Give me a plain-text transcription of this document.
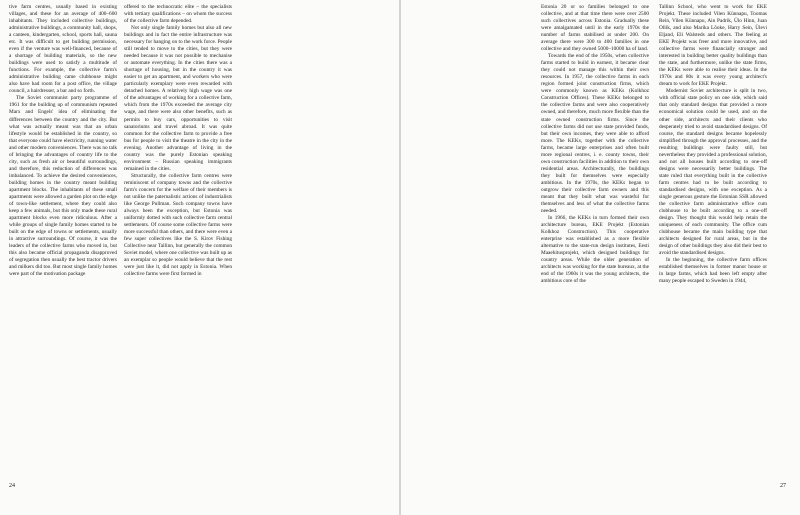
tive farm centres, usually based in existing villages, and these for an average of 400–600 inhabitants. They included collective buildings, administrative buildings, a community hall, shops, a canteen, kindergarten, school, sports hall, sauna etc. It was difficult to get building permission, even if the venture was well-financed, because of a shortage of building materials, so the new buildings were used to satisfy a multitude of functions. For example, the collective farm's administrative building came clubhouse might also have had room for a post office, the village council, a hairdresser, a bar and so forth.

The Soviet communist party programme of 1961 for the building up of communism repeated Marx and Engels' idea of eliminating the differences between the country and the city. But what was actually meant was that an urban lifestyle would be established in the country, so that everyone could have electricity, running water and other modern conveniences. There was no talk of bringing the advantages of country life to the city, such as fresh air or beautiful surroundings, and therefore, this reduction of differences was imbalanced. To achieve the desired conveniences, building homes in the country meant building apartment blocks. The inhabitants of these small apartments were allowed a garden plot on the edge of town-like settlement, where they could also keep a few animals, but this only made these rural apartment blocks even more ridiculous. After a while groups of single family homes started to be built on the edge of towns or settlements, usually in attractive surroundings. Of course, it was the leaders of the collective farms who moved in, but this also became official propaganda disapproved of segregation then usually the best tractor drivers and milkers did too. But most single family homes were part of the motivation package

offered to the technocratic elite – the specialists with tertiary qualifications – on whom the success of the collective farm depended.

Not only single family homes but also all new buildings and in fact the entire infrastructure was necessary for hanging on to the work force. People still tended to move to the cities, but they were needed because it was not possible to mechanise or automate everything. In the cities there was a shortage of housing, but in the country it was easier to get an apartment, and workers who were particularly exemplary were even rewarded with detached homes. A relatively high wage was one of the advantages of working for a collective farm, which from the 1970s exceeded the average city wage, and there were also other benefits, such as permits to buy cars, opportunities to visit sanatoriums and travel abroad. It was quite common for the collective farm to provide a free bus for people to visit the theatre in the city in the evening. Another advantage of living in the country was the purely Estonian speaking environment – Russian speaking immigrants remained in the cities.

Structurally, the collective farm centres were reminiscent of company towns and the collective farm's concern for the welfare of their members is not unlike the paternalistic actions of industrialists like George Pullman. Such company towns have always been the exception, but Estonia was uniformly dotted with such collective farm central settlements. Of course some collective farms were more successful than others, and there were even a few super collectives like the S. Kirov Fishing Collective near Tallinn, but generally the common Soviet model, where one collective was built up as an exemplar so people would believe that the rest were just like it, did not apply in Estonia. When collective farms were first formed in

24

Estonia 20 or so families belonged to one collective, and at that time there were over 2500 such collectives across Estonia. Gradually these were amalgamated until in the early 1970s the number of farms stabilised at under 200. On average there were 300 to 400 families in one collective and they owned 5000–10000 ha of land.

Towards the end of the 1950s, when collective farms started to build in earnest, it became clear they could not manage this within their own resources. In 1957, the collective farms in each region formed joint construction firms, which were commonly known as KEKs (Kolkhoz Construction Offices). These KEKs belonged to the collective farms and were also cooperatively owned, and therefore, much more flexible than the state owned construction firms. Since the collective farms did not use state provided funds, but their own incomes, they were able to afford more. The KEKs, together with the collective farms, became large enterprises and often built more regional centres, i. e. county towns, their own construction facilities in addition to their own residential areas. Architecturally, the buildings they built for themselves were especially ambitious. In the 1970s, the KEKs began to outgrow their collective farm owners and this meant that they built what was wasteful for themselves and less of what the collective farms needed.

In 1966, the KEKs in turn formed their own architecture bureau, EKE Projekt (Estonian Kolkhoz Construction). This cooperative enterprise was established as a more flexible alternative to the state-run design institutes, Eesti Maaehitusprojekt, which designed buildings for country areas. While the older generation of architects was working for the state bureaux, at the end of the 1960s it was the young architects, the ambitious core of the

Tallinn School, who went to work for EKE Projekt. These included Vilen Künnapu, Toomas Rein, Vilen Künnapu, Ain Padrik, Ülo Hinn, Juan Ollik, and also Marika Lõoke, Harry Sein, Ülevi Eljand, Eli Walsteds and others. The feeling at EKE Projekt was freer and more innovative, and collective farms were financially stronger and interested in building better quality buildings than the state, and furthermore, unlike the state firms, the KEKs were able to realise their ideas. In the 1970s and 80s it was every young architect's dream to work for EKE Projekt.

Modernist Soviet architecture is split in two, with official state policy on one side, which said that only standard designs that provided a more economical solution could be used, and on the other side, architects and their clients who desperately tried to avoid standardised designs. Of course, the standard designs became hopelessly simplified through the approval processes, and the resulting buildings were faulty still, but nevertheless they provided a professional solution, and not all houses built according to one-off designs were necessarily better buildings. The state ruled that everything built in the collective farm centres had to be built according to standardised designs, with one exception. As a single generous gesture the Estonian SSR allowed the collective farm administrative office cum clubhouse to be built according to a one-off design. They thought this would help retain the uniqueness of each community. The office cum clubhouse became the main building type that architects designed for rural areas, but in the design of other buildings they also did their best to avoid the standardised designs.

In the beginning, the collective farm offices established themselves in former manor house or in large farms, which had been left empty after many people escaped to Sweden in 1944,

27
